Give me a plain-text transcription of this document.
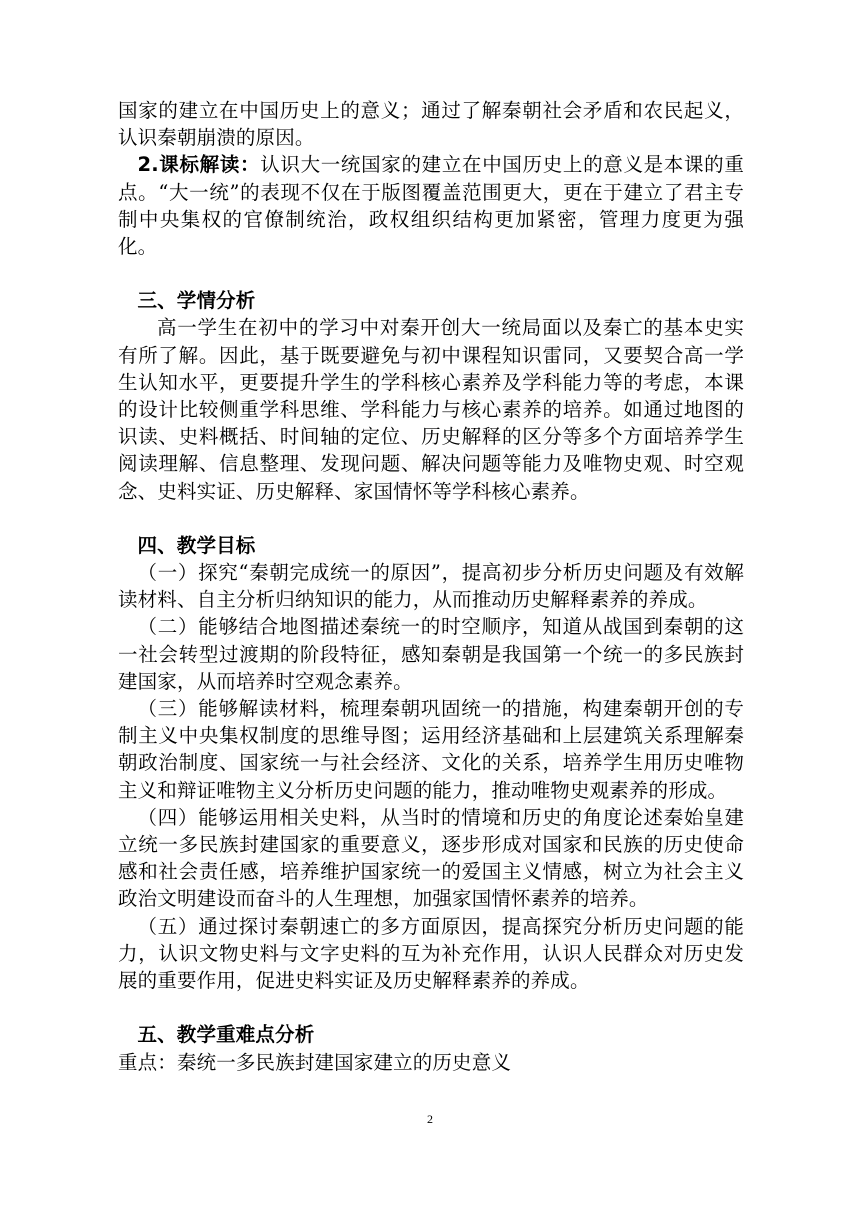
国家的建立在中国历史上的意义；通过了解秦朝社会矛盾和农民起义，认识秦朝崩溃的原因。

2.课标解读：认识大一统国家的建立在中国历史上的意义是本课的重点。“大一统”的表现不仅在于版图覆盖范围更大，更在于建立了君主专制中央集权的官僚制统治，政权组织结构更加紧密，管理力度更为强化。

三、学情分析

高一学生在初中的学习中对秦开创大一统局面以及秦亡的基本史实有所了解。因此，基于既要避免与初中课程知识雷同，又要契合高一学生认知水平，更要提升学生的学科核心素养及学科能力等的考虑，本课的设计比较侧重学科思维、学科能力与核心素养的培养。如通过地图的识读、史料概括、时间轴的定位、历史解释的区分等多个方面培养学生阅读理解、信息整理、发现问题、解决问题等能力及唯物史观、时空观念、史料实证、历史解释、家国情怀等学科核心素养。

四、教学目标

（一）探究“秦朝完成统一的原因”，提高初步分析历史问题及有效解读材料、自主分析归纳知识的能力，从而推动历史解释素养的养成。

（二）能够结合地图描述秦统一的时空顺序，知道从战国到秦朝的这一社会转型过渡期的阶段特征，感知秦朝是我国第一个统一的多民族封建国家，从而培养时空观念素养。

（三）能够解读材料，梳理秦朝巩固统一的措施，构建秦朝开创的专制主义中央集权制度的思维导图；运用经济基础和上层建筑关系理解秦朝政治制度、国家统一与社会经济、文化的关系，培养学生用历史唯物主义和辩证唯物主义分析历史问题的能力，推动唯物史观素养的形成。

（四）能够运用相关史料，从当时的情境和历史的角度论述秦始皇建立统一多民族封建国家的重要意义，逐步形成对国家和民族的历史使命感和社会责任感，培养维护国家统一的爱国主义情感，树立为社会主义政治文明建设而奋斗的人生理想，加强家国情怀素养的培养。

（五）通过探讨秦朝速亡的多方面原因，提高探究分析历史问题的能力，认识文物史料与文字史料的互为补充作用，认识人民群众对历史发展的重要作用，促进史料实证及历史解释素养的养成。

五、教学重难点分析

重点：秦统一多民族封建国家建立的历史意义

2
